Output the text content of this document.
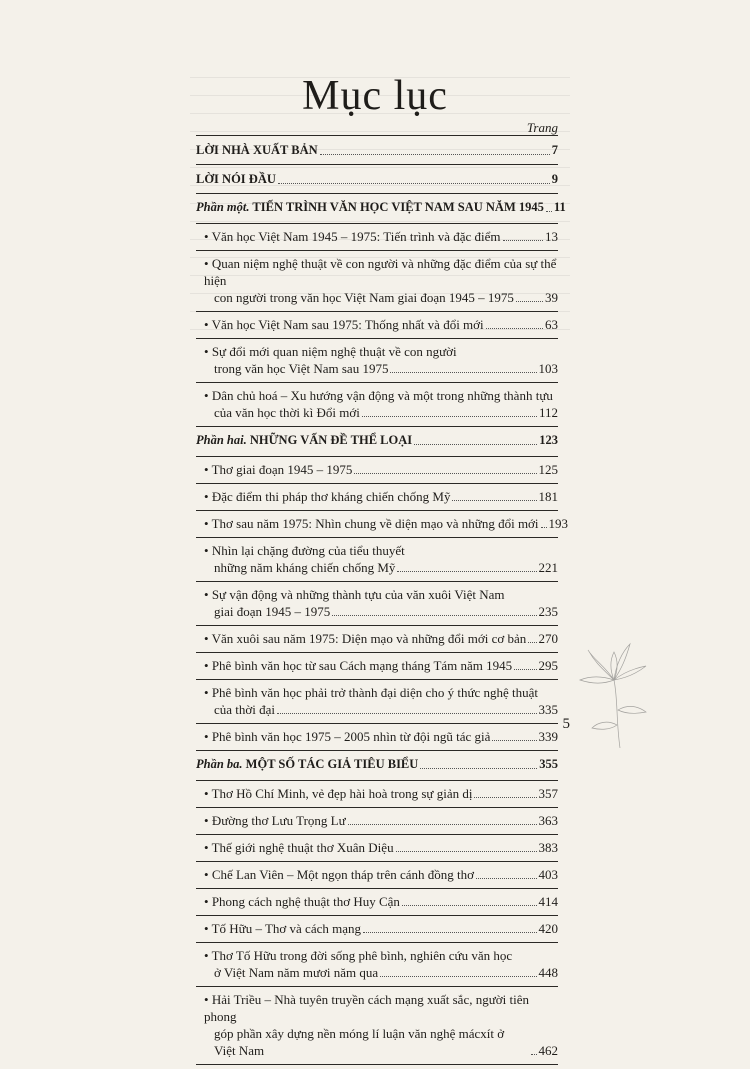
Mục lục
Trang
LỜI NHÀ XUẤT BẢN	7
LỜI NÓI ĐẦU	9
Phần một. TIẾN TRÌNH VĂN HỌC VIỆT NAM SAU NĂM 1945 11
• Văn học Việt Nam 1945 – 1975: Tiến trình và đặc điểm	13
• Quan niệm nghệ thuật về con người và những đặc điểm của sự thể hiện
con người trong văn học Việt Nam giai đoạn 1945 – 1975 39
• Văn học Việt Nam sau 1975: Thống nhất và đổi mới	63
• Sự đổi mới quan niệm nghệ thuật về con người
trong văn học Việt Nam sau 1975	103
• Dân chủ hoá – Xu hướng vận động và một trong những thành tựu
của văn học thời kì Đổi mới	112
Phần hai. NHỮNG VẤN ĐỀ THỂ LOẠI	123
• Thơ giai đoạn 1945 – 1975	125
• Đặc điểm thi pháp thơ kháng chiến chống Mỹ	181
• Thơ sau năm 1975: Nhìn chung về diện mạo và những đổi mới 193
• Nhìn lại chặng đường của tiểu thuyết
những năm kháng chiến chống Mỹ	221
• Sự vận động và những thành tựu của văn xuôi Việt Nam
giai đoạn 1945 – 1975	235
• Văn xuôi sau năm 1975: Diện mạo và những đổi mới cơ bản 270
• Phê bình văn học từ sau Cách mạng tháng Tám năm 1945 295
• Phê bình văn học phải trở thành đại diện cho ý thức nghệ thuật
của thời đại	335
• Phê bình văn học 1975 – 2005 nhìn từ đội ngũ tác giả	339
Phần ba. MỘT SỐ TÁC GIẢ TIÊU BIỂU	355
• Thơ Hồ Chí Minh, vẻ đẹp hài hoà trong sự giản dị	357
• Đường thơ Lưu Trọng Lư	363
• Thế giới nghệ thuật thơ Xuân Diệu	383
• Chế Lan Viên – Một ngọn tháp trên cánh đồng thơ	403
• Phong cách nghệ thuật thơ Huy Cận	414
• Tố Hữu – Thơ và cách mạng	420
• Thơ Tố Hữu trong đời sống phê bình, nghiên cứu văn học
ở Việt Nam năm mươi năm qua	448
• Hải Triều – Nhà tuyên truyền cách mạng xuất sắc, người tiên phong
góp phần xây dựng nền móng lí luận văn nghệ mácxít ở Việt Nam	462
5
